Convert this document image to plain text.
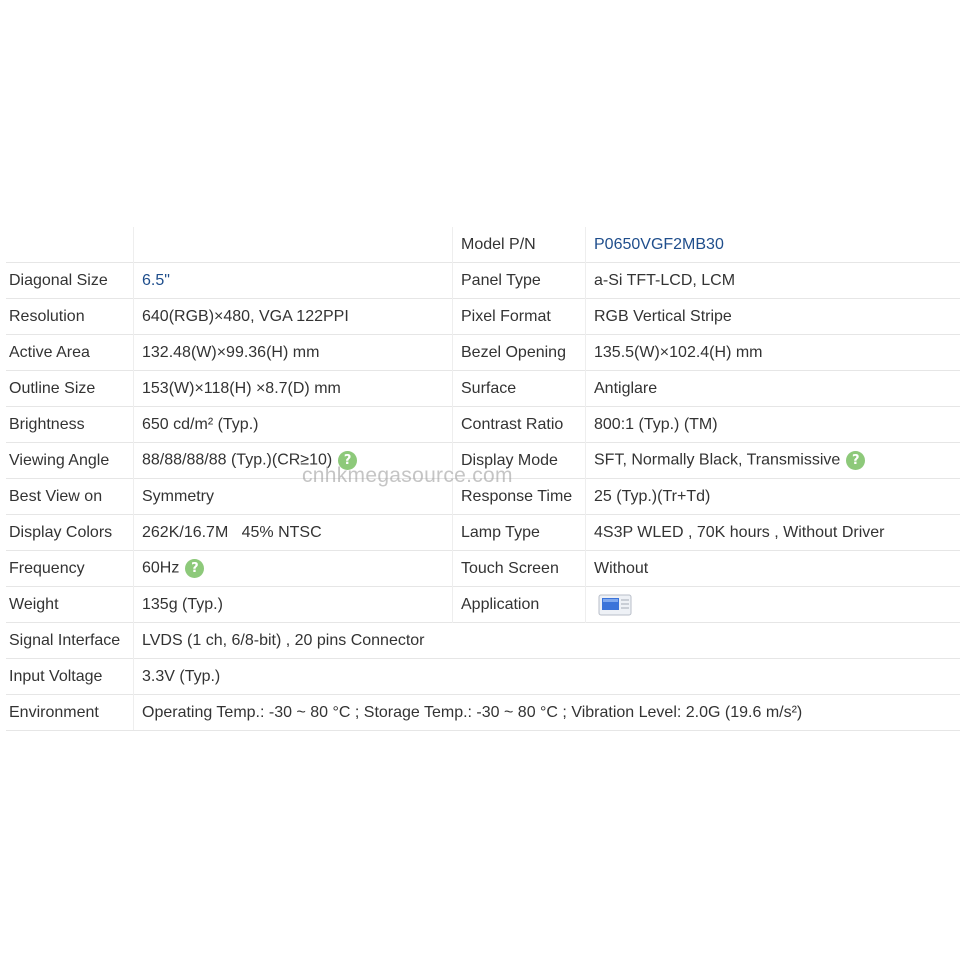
		Model P/N	P0650VGF2MB30
Diagonal Size	6.5"	Panel Type	a-Si TFT-LCD, LCM
Resolution	640(RGB)×480, VGA 122PPI	Pixel Format	RGB Vertical Stripe
Active Area	132.48(W)×99.36(H) mm	Bezel Opening	135.5(W)×102.4(H) mm
Outline Size	153(W)×118(H) ×8.7(D) mm	Surface	Antiglare
Brightness	650 cd/m² (Typ.)	Contrast Ratio	800:1 (Typ.) (TM)
Viewing Angle	88/88/88/88 (Typ.)(CR≥10) ?	Display Mode	SFT, Normally Black, Transmissive ?
Best View on	Symmetry	Response Time	25 (Typ.)(Tr+Td)
Display Colors	262K/16.7M   45% NTSC	Lamp Type	4S3P WLED , 70K hours , Without Driver
Frequency	60Hz ?	Touch Screen	Without
Weight	135g (Typ.)	Application	
Signal Interface	LVDS (1 ch, 6/8-bit) , 20 pins Connector		
Input Voltage	3.3V (Typ.)		
Environment	Operating Temp.: -30 ~ 80 °C ; Storage Temp.: -30 ~ 80 °C ; Vibration Level: 2.0G (19.6 m/s²)		
cnhkmegasource.com
